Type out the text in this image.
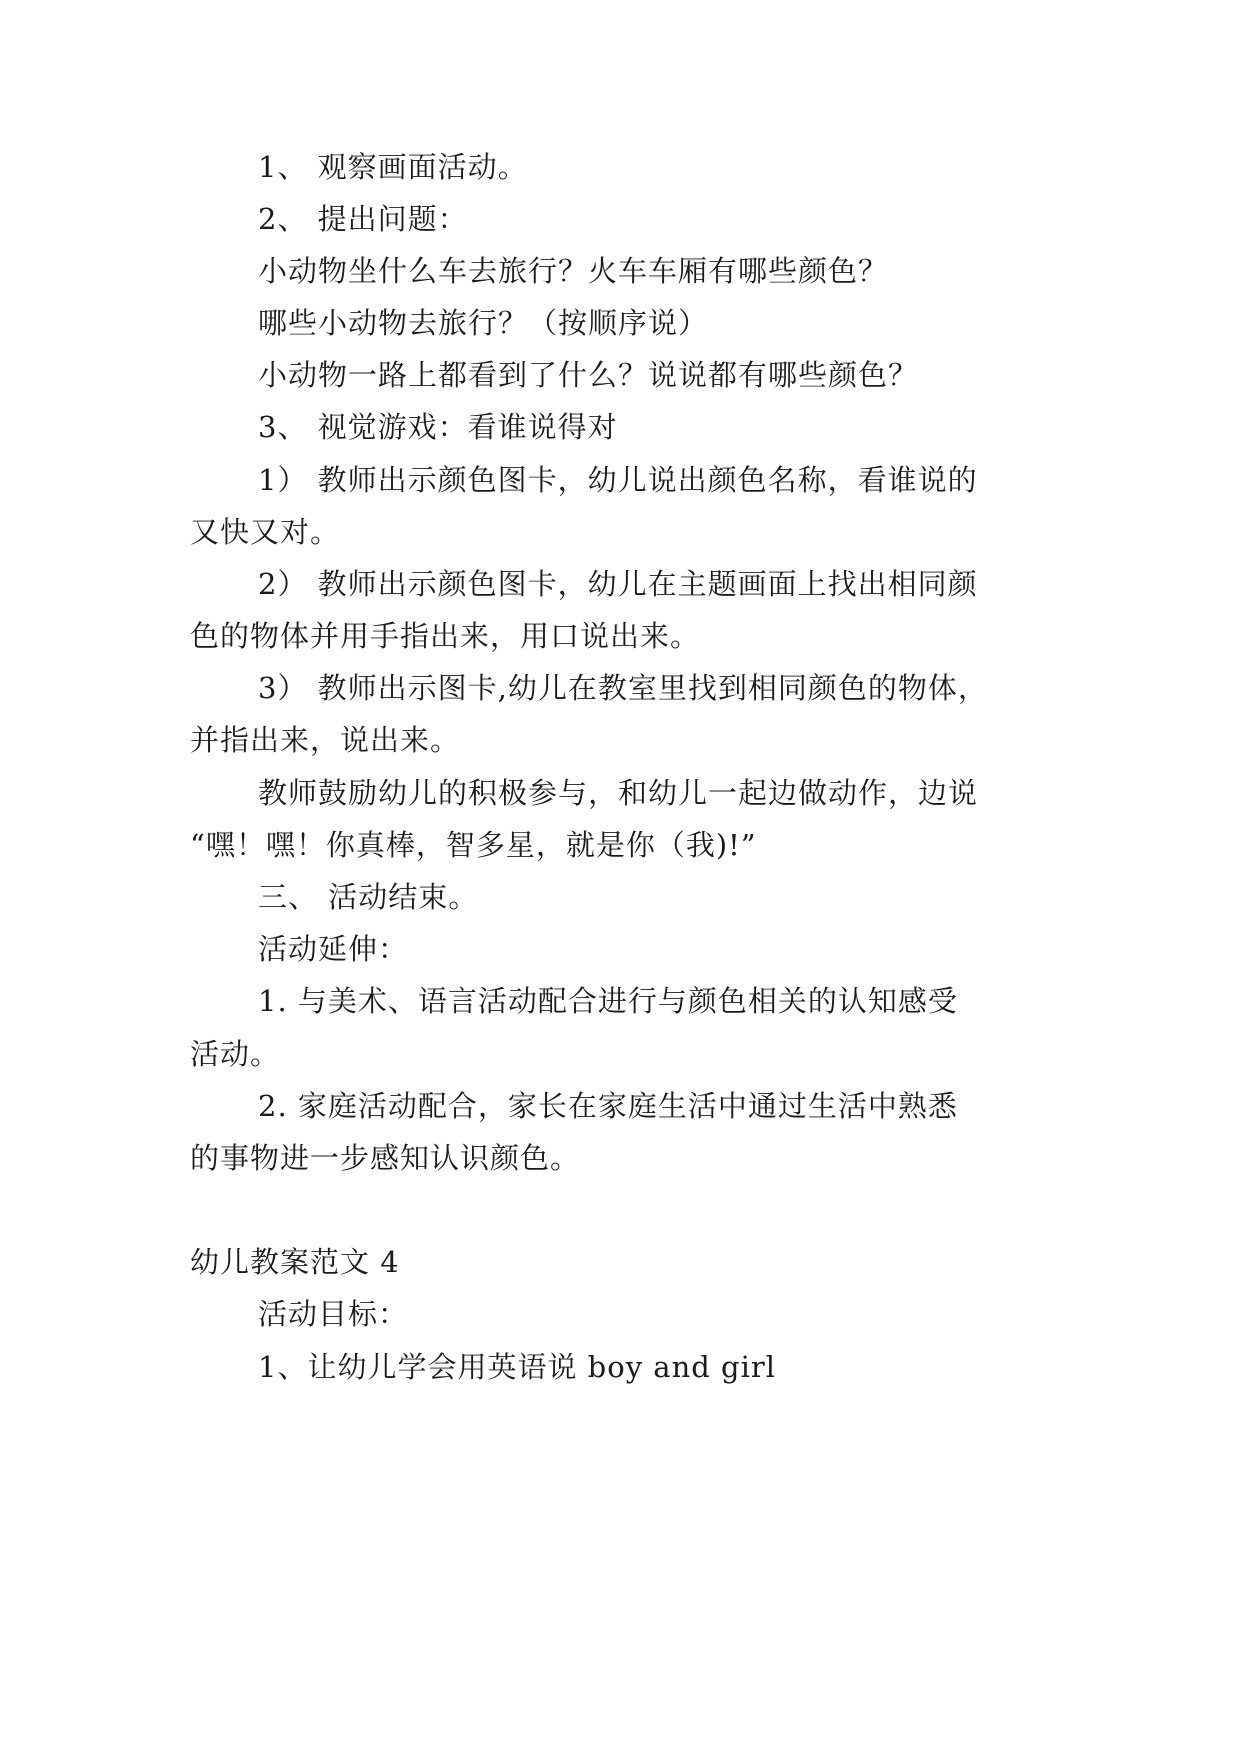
1、 观察画面活动。
2、 提出问题：
小动物坐什么车去旅行？火车车厢有哪些颜色？
哪些小动物去旅行？（按顺序说）
小动物一路上都看到了什么？说说都有哪些颜色？
3、 视觉游戏：看谁说得对
1） 教师出示颜色图卡，幼儿说出颜色名称，看谁说的
又快又对。
2） 教师出示颜色图卡，幼儿在主题画面上找出相同颜
色的物体并用手指出来，用口说出来。
3） 教师出示图卡,幼儿在教室里找到相同颜色的物体，
并指出来，说出来。
教师鼓励幼儿的积极参与，和幼儿一起边做动作，边说
“嘿！嘿！你真棒，智多星，就是你（我)!”
三、 活动结束。
活动延伸：
1. 与美术、语言活动配合进行与颜色相关的认知感受
活动。
2. 家庭活动配合，家长在家庭生活中通过生活中熟悉
的事物进一步感知认识颜色。
幼儿教案范文 4
活动目标：
1、让幼儿学会用英语说 boy and girl
